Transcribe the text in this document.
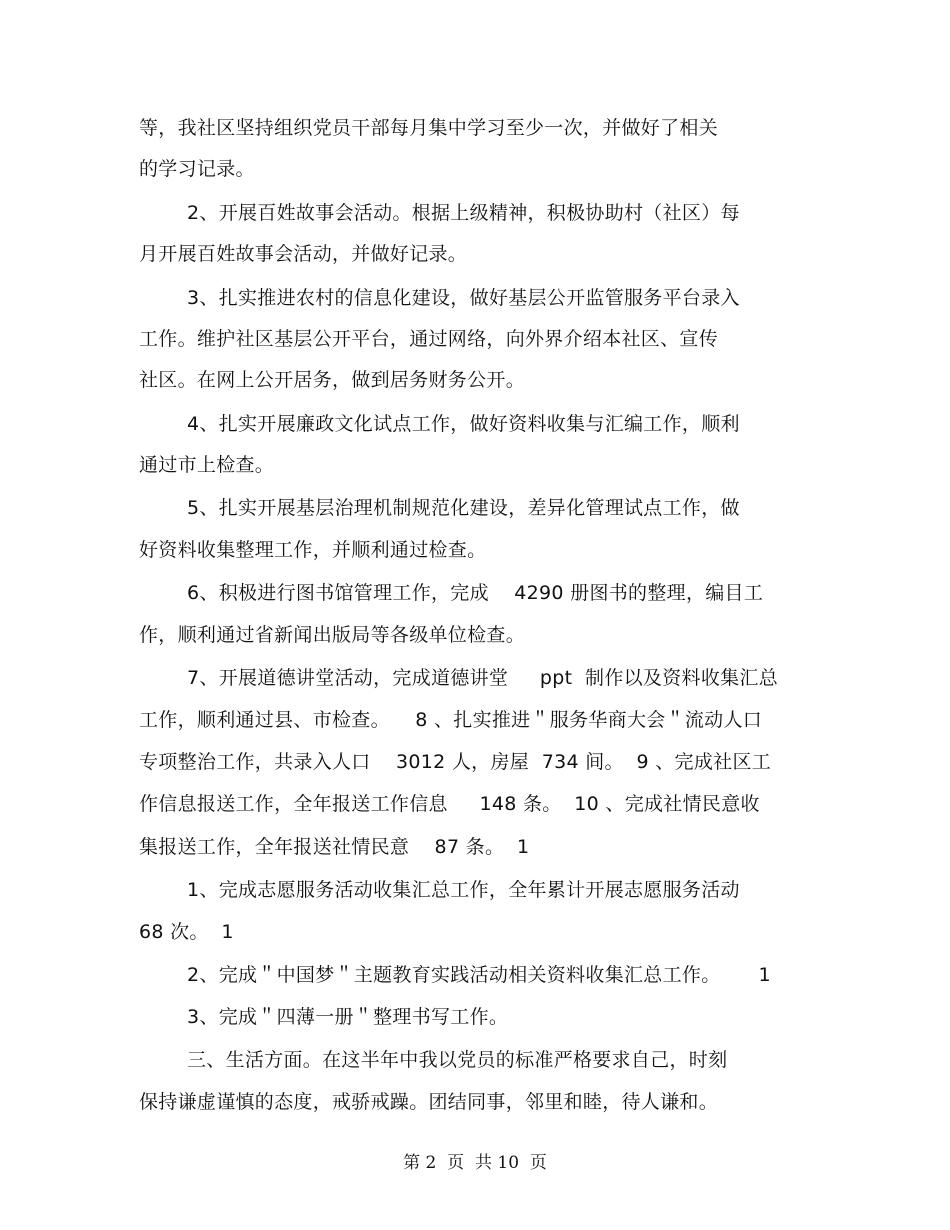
等，我社区坚持组织党员干部每月集中学习至少一次，并做好了相关
的学习记录。
2、开展百姓故事会活动。根据上级精神，积极协助村（社区）每
月开展百姓故事会活动，并做好记录。
3、扎实推进农村的信息化建设，做好基层公开监管服务平台录入
工作。维护社区基层公开平台，通过网络，向外界介绍本社区、宣传
社区。在网上公开居务，做到居务财务公开。
4、扎实开展廉政文化试点工作，做好资料收集与汇编工作，顺利
通过市上检查。
5、扎实开展基层治理机制规范化建设，差异化管理试点工作，做
好资料收集整理工作，并顺利通过检查。
6、积极进行图书馆管理工作，完成    4290 册图书的整理，编目工
作，顺利通过省新闻出版局等各级单位检查。
7、开展道德讲堂活动，完成道德讲堂     ppt  制作以及资料收集汇总
工作，顺利通过县、市检查。    8 、扎实推进＂服务华商大会＂流动人口
专项整治工作，共录入人口    3012 人，房屋  734 间。  9 、完成社区工
作信息报送工作，全年报送工作信息     148 条。  10 、完成社情民意收
集报送工作，全年报送社情民意    87 条。  1
1、完成志愿服务活动收集汇总工作，全年累计开展志愿服务活动
68 次。  1
2、完成＂中国梦＂主题教育实践活动相关资料收集汇总工作。      1
3、完成＂四薄一册＂整理书写工作。
三、生活方面。在这半年中我以党员的标准严格要求自己，时刻
保持谦虚谨慎的态度，戒骄戒躁。团结同事，邻里和睦，待人谦和。
第 2  页  共 10  页
